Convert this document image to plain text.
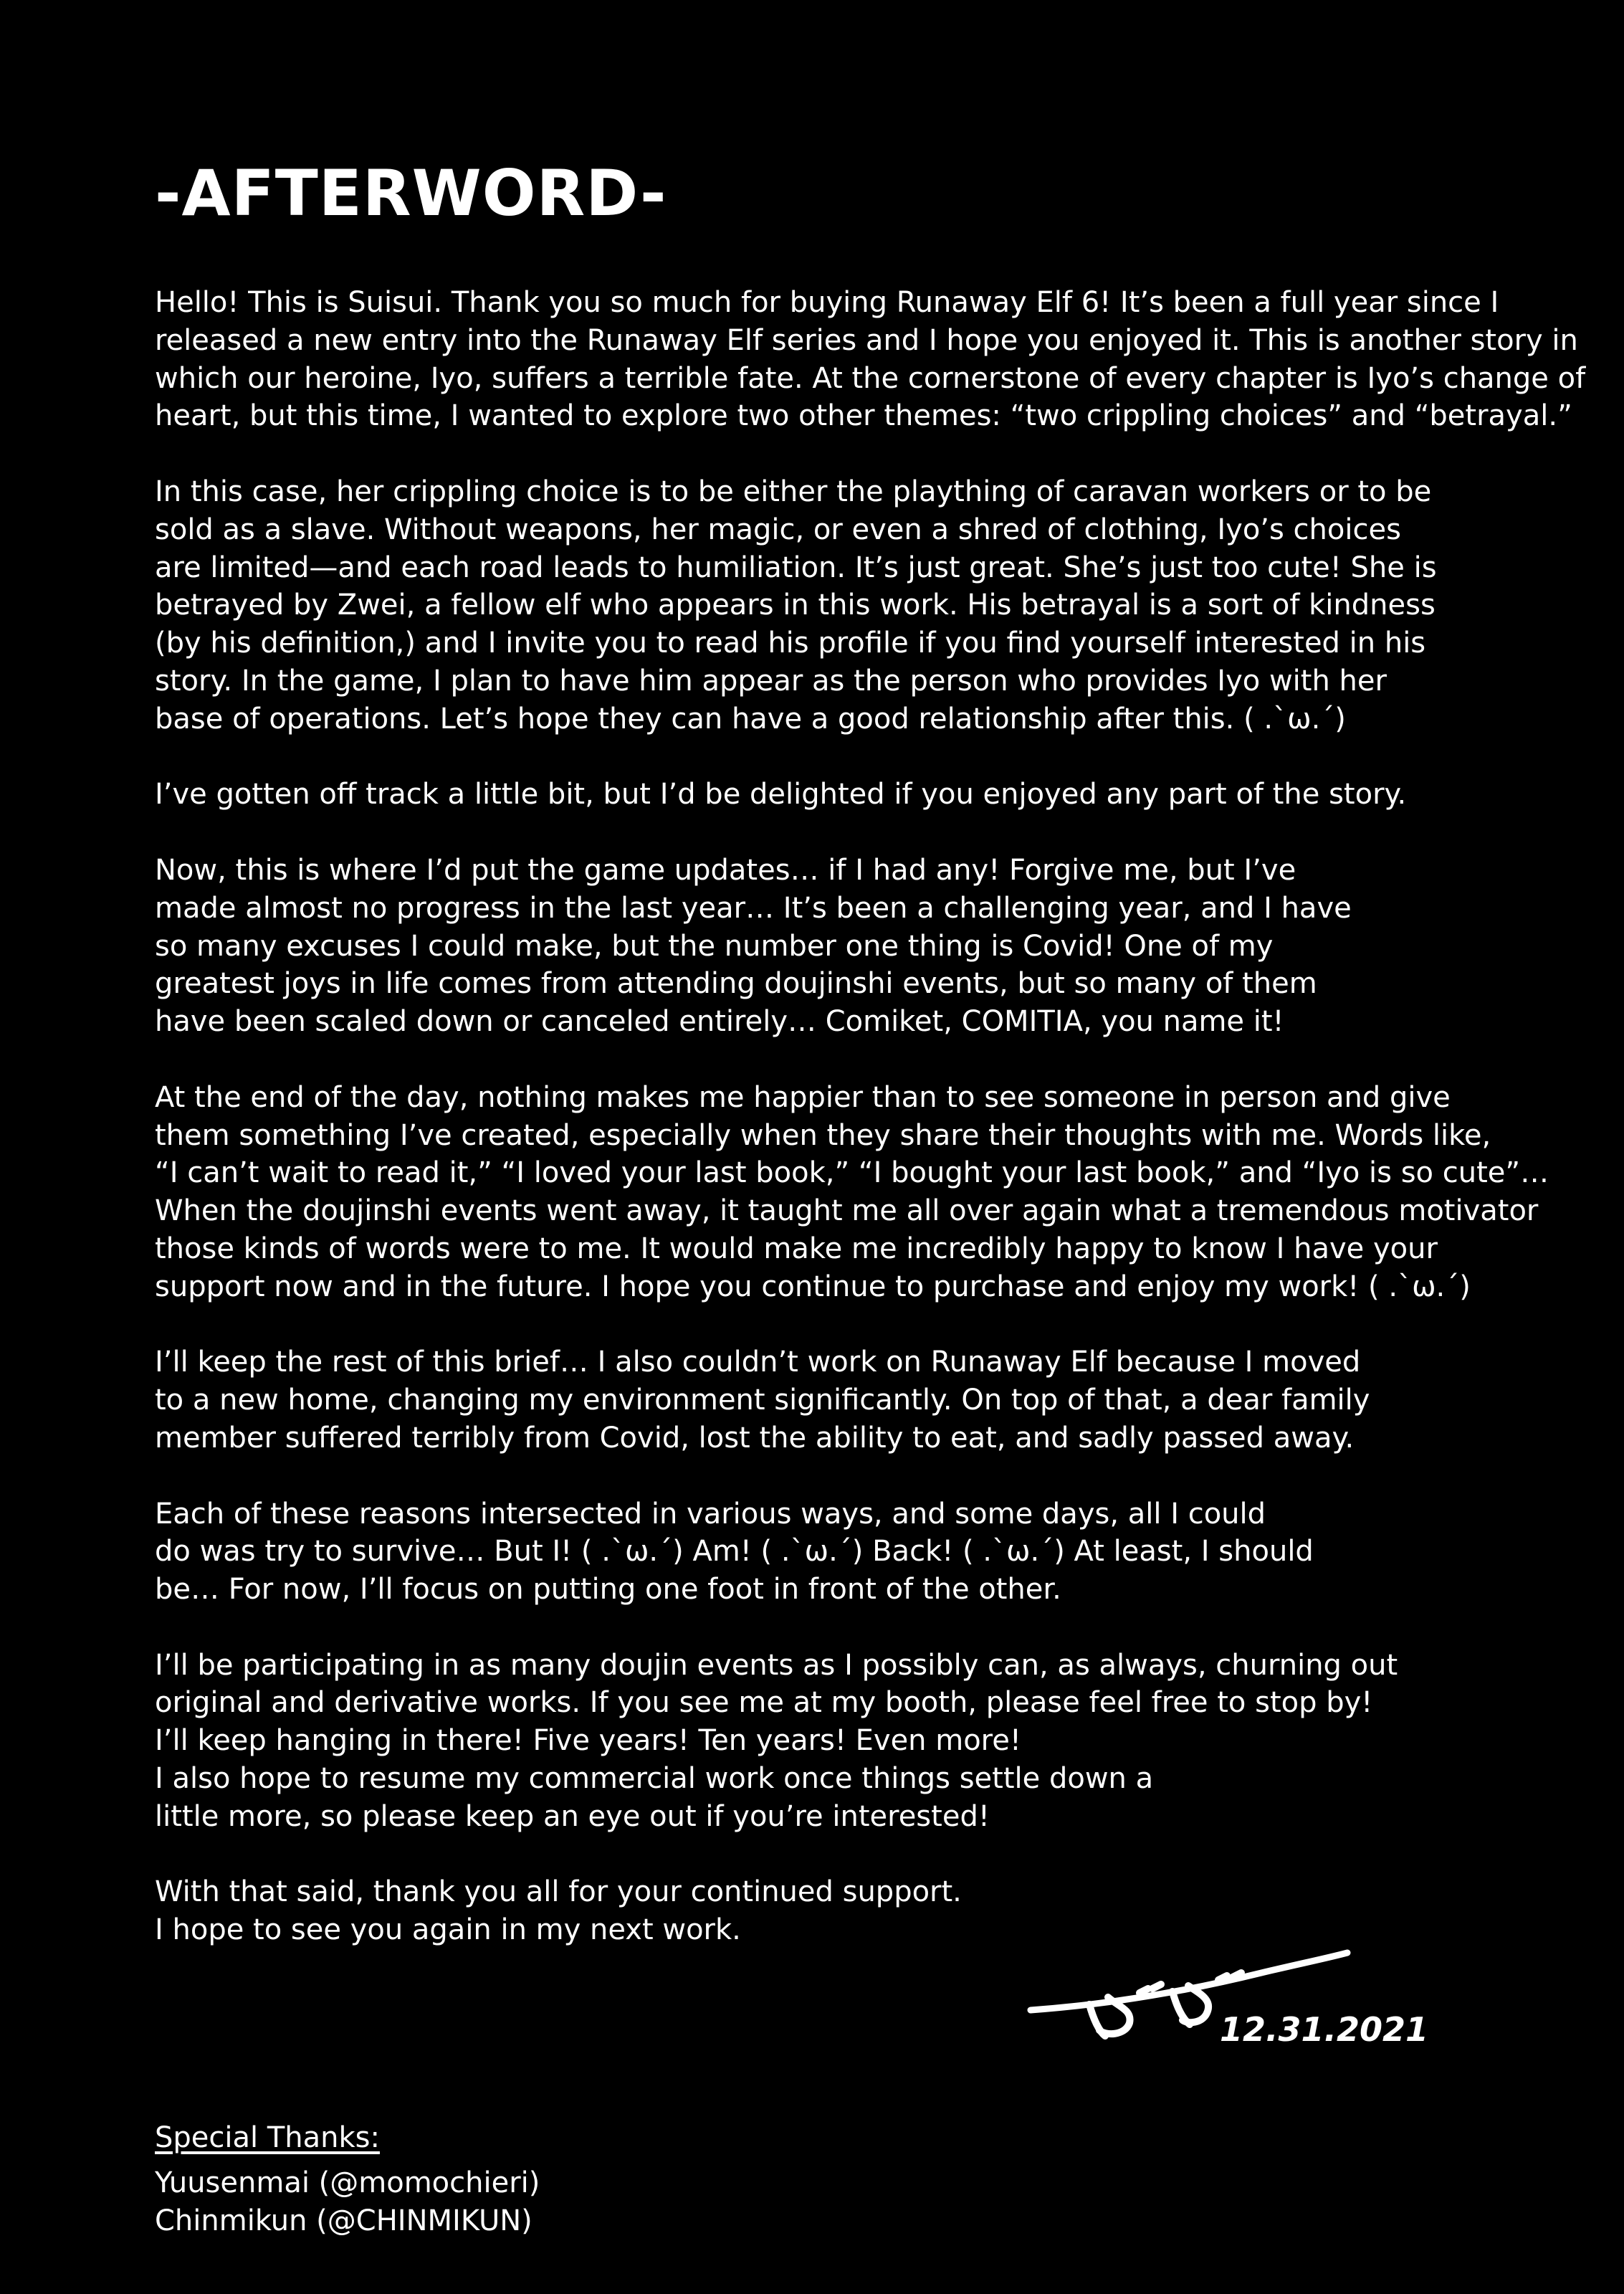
-AFTERWORD-

Hello! This is Suisui. Thank you so much for buying Runaway Elf 6! It’s been a full year since I
released a new entry into the Runaway Elf series and I hope you enjoyed it. This is another story in
which our heroine, Iyo, suffers a terrible fate. At the cornerstone of every chapter is Iyo’s change of
heart, but this time, I wanted to explore two other themes: “two crippling choices” and “betrayal.”

In this case, her crippling choice is to be either the plaything of caravan workers or to be
sold as a slave. Without weapons, her magic, or even a shred of clothing, Iyo’s choices
are limited—and each road leads to humiliation. It’s just great. She’s just too cute! She is
betrayed by Zwei, a fellow elf who appears in this work. His betrayal is a sort of kindness
(by his definition,) and I invite you to read his profile if you find yourself interested in his
story. In the game, I plan to have him appear as the person who provides Iyo with her
base of operations. Let’s hope they can have a good relationship after this. ( .`ω.´)

I’ve gotten off track a little bit, but I’d be delighted if you enjoyed any part of the story.

Now, this is where I’d put the game updates… if I had any! Forgive me, but I’ve
made almost no progress in the last year… It’s been a challenging year, and I have
so many excuses I could make, but the number one thing is Covid! One of my
greatest joys in life comes from attending doujinshi events, but so many of them
have been scaled down or canceled entirely… Comiket, COMITIA, you name it!

At the end of the day, nothing makes me happier than to see someone in person and give
them something I’ve created, especially when they share their thoughts with me. Words like,
“I can’t wait to read it,” “I loved your last book,” “I bought your last book,” and “Iyo is so cute”…
When the doujinshi events went away, it taught me all over again what a tremendous motivator
those kinds of words were to me. It would make me incredibly happy to know I have your
support now and in the future. I hope you continue to purchase and enjoy my work! ( .`ω.´)

I’ll keep the rest of this brief… I also couldn’t work on Runaway Elf because I moved
to a new home, changing my environment significantly. On top of that, a dear family
member suffered terribly from Covid, lost the ability to eat, and sadly passed away.

Each of these reasons intersected in various ways, and some days, all I could
do was try to survive… But I! ( .`ω.´) Am! ( .`ω.´) Back! ( .`ω.´) At least, I should
be… For now, I’ll focus on putting one foot in front of the other.

I’ll be participating in as many doujin events as I possibly can, as always, churning out
original and derivative works. If you see me at my booth, please feel free to stop by!
I’ll keep hanging in there! Five years! Ten years! Even more!
I also hope to resume my commercial work once things settle down a
little more, so please keep an eye out if you’re interested!

With that said, thank you all for your continued support.
I hope to see you again in my next work.

12.31.2021
Special Thanks:
Yuusenmai (@momochieri)
Chinmikun (@CHINMIKUN)
